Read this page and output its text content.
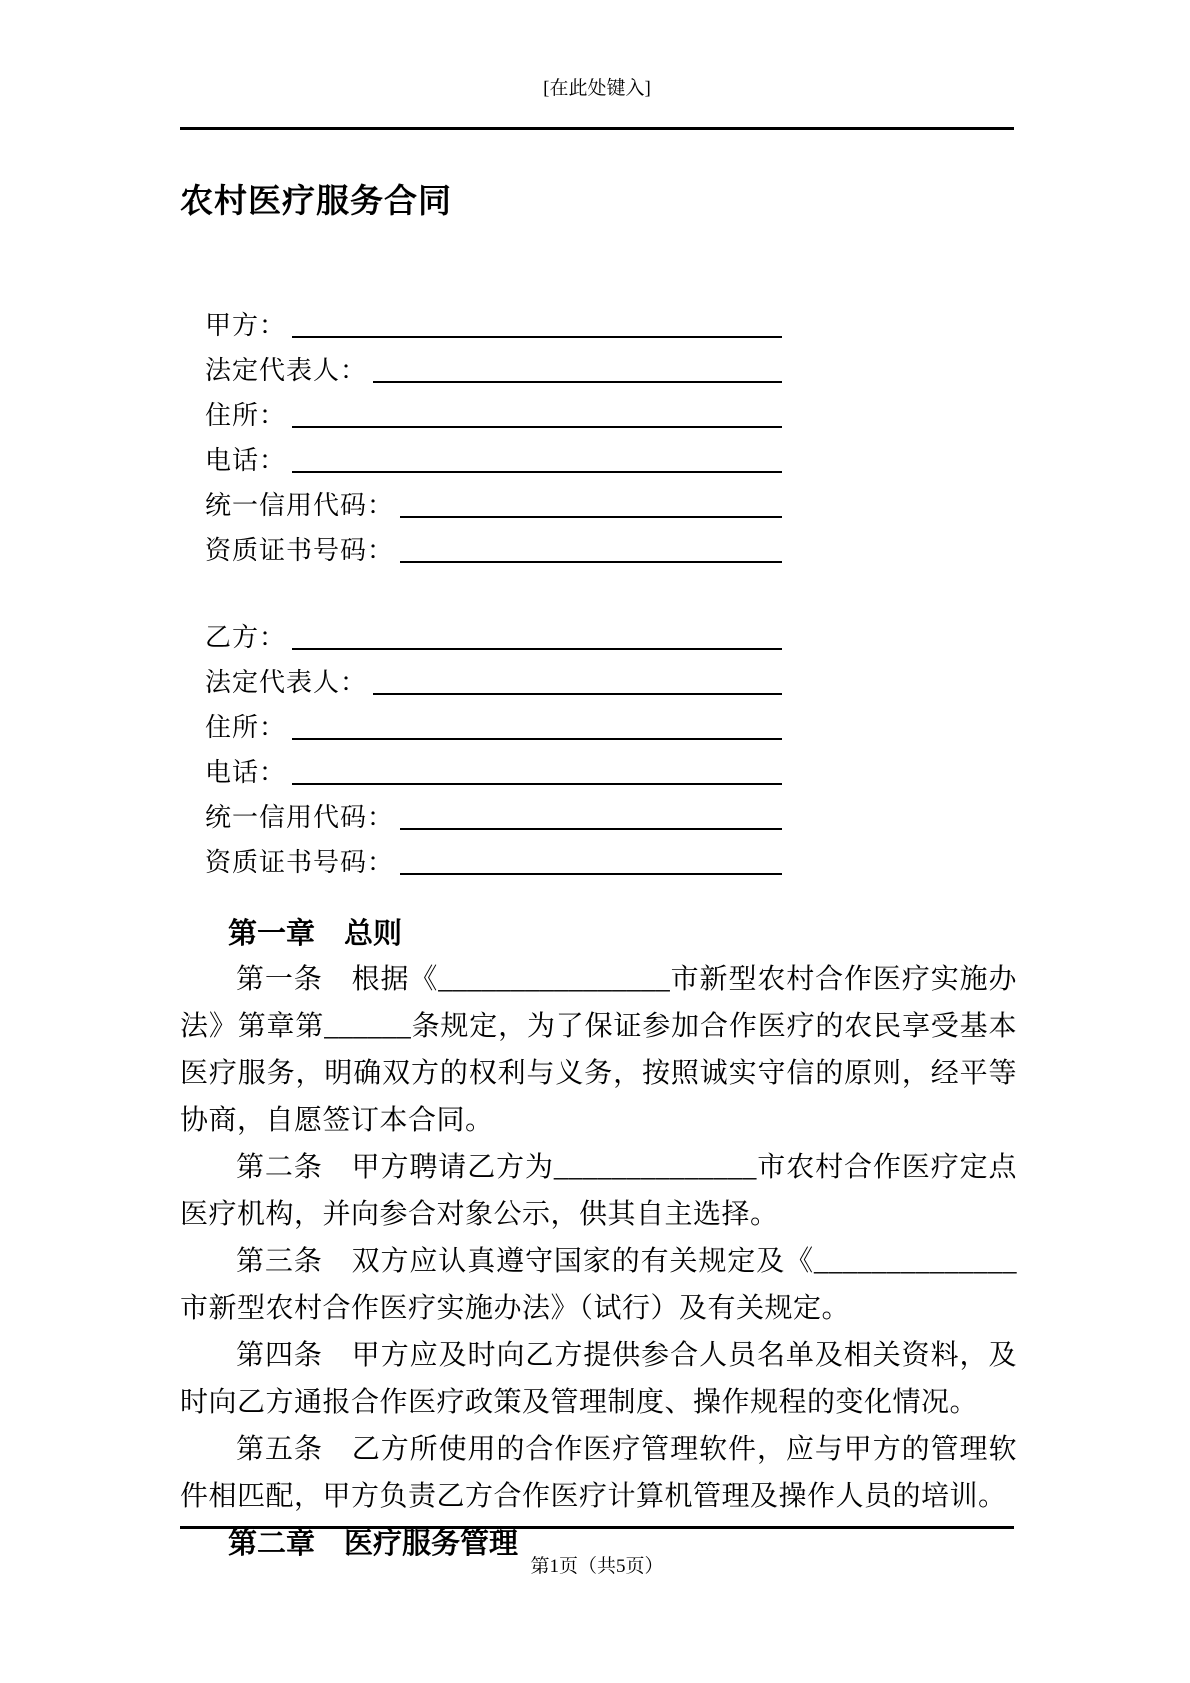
[在此处键入]
农村医疗服务合同
甲方：
法定代表人：
住所：
电话：
统一信用代码：
资质证书号码：
乙方：
法定代表人：
住所：
电话：
统一信用代码：
资质证书号码：
第一章　总则

第一条　根据《________________市新型农村合作医疗实施办法》第章第______条规定，为了保证参加合作医疗的农民享受基本医疗服务，明确双方的权利与义务，按照诚实守信的原则，经平等协商，自愿签订本合同。

第二条　甲方聘请乙方为______________市农村合作医疗定点医疗机构，并向参合对象公示，供其自主选择。

第三条　双方应认真遵守国家的有关规定及《______________市新型农村合作医疗实施办法》（试行）及有关规定。

第四条　甲方应及时向乙方提供参合人员名单及相关资料，及时向乙方通报合作医疗政策及管理制度、操作规程的变化情况。

第五条　乙方所使用的合作医疗管理软件，应与甲方的管理软件相匹配，甲方负责乙方合作医疗计算机管理及操作人员的培训。

第二章　医疗服务管理
第1页（共5页）
